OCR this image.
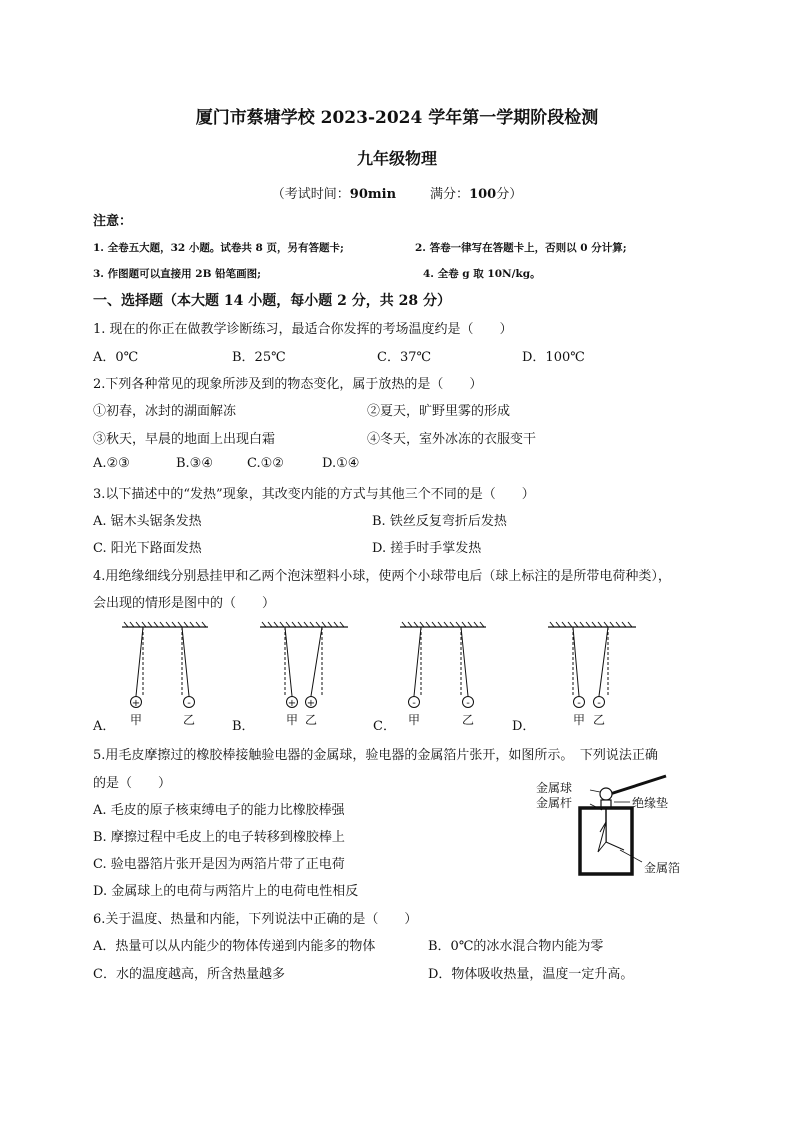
厦门市蔡塘学校 2023-2024 学年第一学期阶段检测
九年级物理
（考试时间：90min	满分：100分）
注意：
1. 全卷五大题，32 小题。试卷共 8 页，另有答题卡;	2. 答卷一律写在答题卡上，否则以 0 分计算;
3. 作图题可以直接用 2B 铅笔画图;	4. 全卷 g 取 10N/kg。
一、选择题（本大题 14 小题，每小题 2 分，共 28 分）
1. 现在的你正在做教学诊断练习，最适合你发挥的考场温度约是（　　）
A．0℃	B．25℃	C．37℃	D．100℃
2.下列各种常见的现象所涉及到的物态变化，属于放热的是（　　）
①初春，冰封的湖面解冻	②夏天，旷野里雾的形成
③秋天，早晨的地面上出现白霜	④冬天，室外冰冻的衣服变干
A.②③	B.③④	C.①②	D.①④
3.以下描述中的“发热”现象，其改变内能的方式与其他三个不同的是（　　）
A. 锯木头锯条发热	B. 铁丝反复弯折后发热
C. 阳光下路面发热	D. 搓手时手掌发热
4.用绝缘细线分别悬挂甲和乙两个泡沫塑料小球，使两个小球带电后（球上标注的是所带电荷种类），
会出现的情形是图中的（　　）
+	-	+ +	-	-	- -
甲	乙	甲 乙	甲	乙	甲 乙
A．	B．	C．	D．
5.用毛皮摩擦过的橡胶棒接触验电器的金属球，验电器的金属箔片张开，如图所示。　下列说法正确
的是（　　）
A. 毛皮的原子核束缚电子的能力比橡胶棒强
B. 摩擦过程中毛皮上的电子转移到橡胶棒上
C. 验电器箔片张开是因为两箔片带了正电荷
D. 金属球上的电荷与两箔片上的电荷电性相反
金属球
金属杆	绝缘垫
金属箔
6.关于温度、热量和内能，下列说法中正确的是（　　）
A．热量可以从内能少的物体传递到内能多的物体	B．0℃的冰水混合物内能为零
C．水的温度越高，所含热量越多	D．物体吸收热量，温度一定升高。
